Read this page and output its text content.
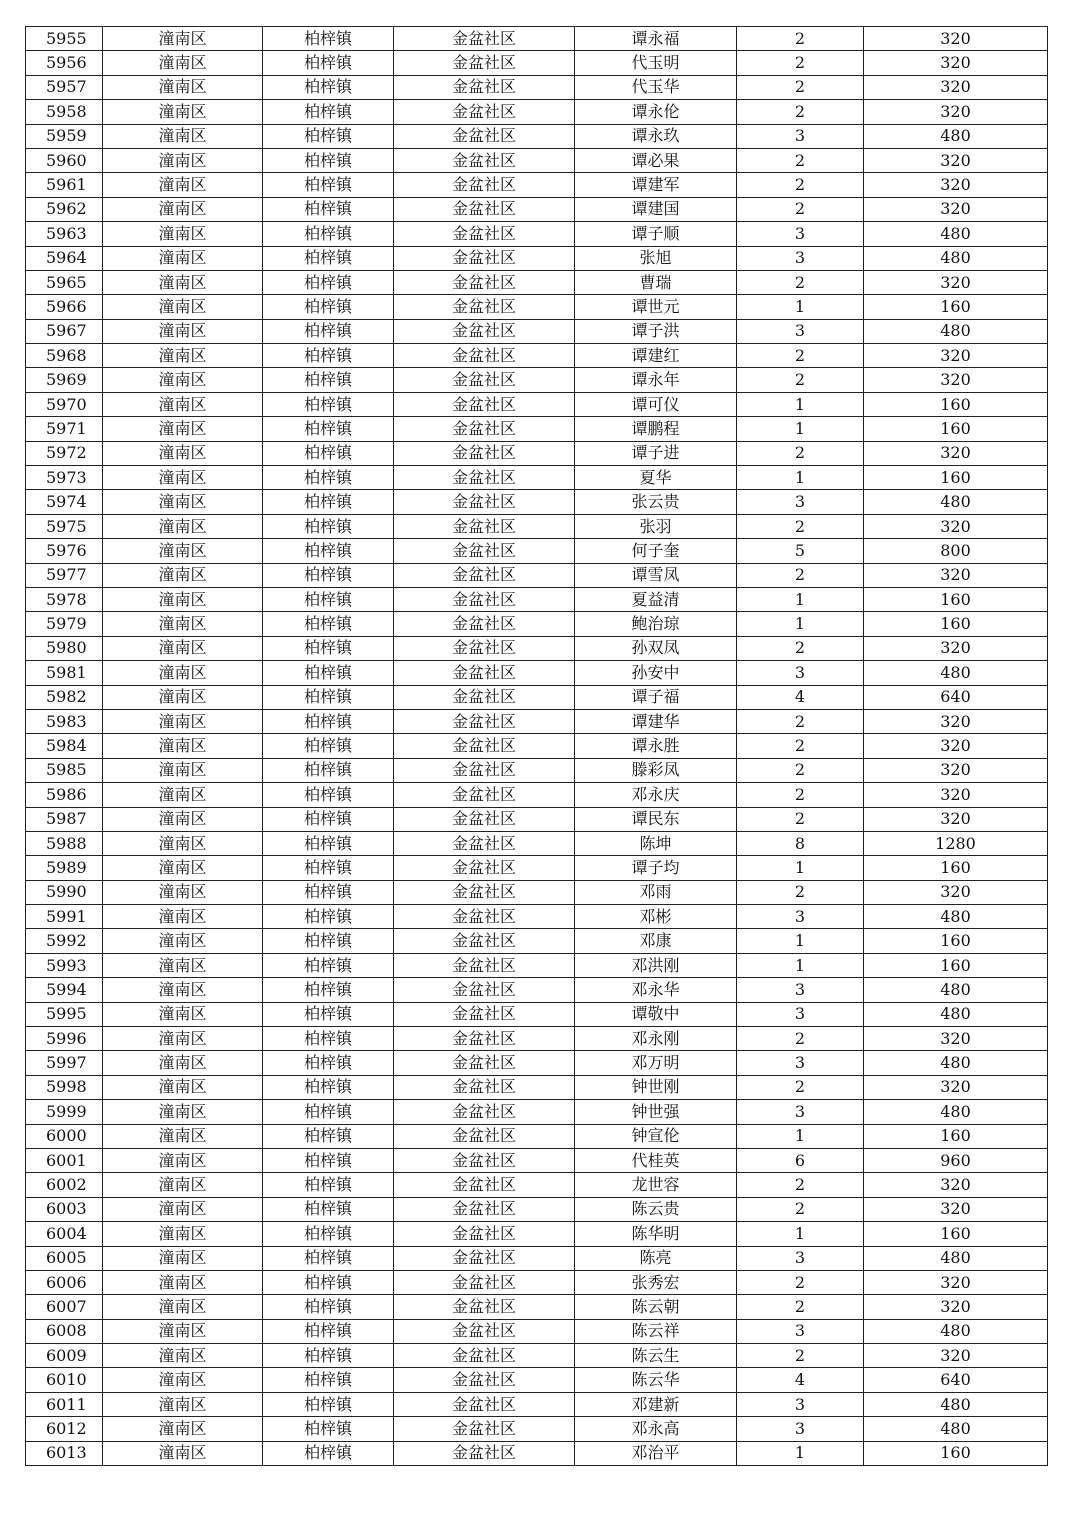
5955	潼南区	柏梓镇	金盆社区	谭永福	2	320
5956	潼南区	柏梓镇	金盆社区	代玉明	2	320
5957	潼南区	柏梓镇	金盆社区	代玉华	2	320
5958	潼南区	柏梓镇	金盆社区	谭永伦	2	320
5959	潼南区	柏梓镇	金盆社区	谭永玖	3	480
5960	潼南区	柏梓镇	金盆社区	谭必果	2	320
5961	潼南区	柏梓镇	金盆社区	谭建军	2	320
5962	潼南区	柏梓镇	金盆社区	谭建国	2	320
5963	潼南区	柏梓镇	金盆社区	谭子顺	3	480
5964	潼南区	柏梓镇	金盆社区	张旭	3	480
5965	潼南区	柏梓镇	金盆社区	曹瑞	2	320
5966	潼南区	柏梓镇	金盆社区	谭世元	1	160
5967	潼南区	柏梓镇	金盆社区	谭子洪	3	480
5968	潼南区	柏梓镇	金盆社区	谭建红	2	320
5969	潼南区	柏梓镇	金盆社区	谭永年	2	320
5970	潼南区	柏梓镇	金盆社区	谭可仪	1	160
5971	潼南区	柏梓镇	金盆社区	谭鹏程	1	160
5972	潼南区	柏梓镇	金盆社区	谭子进	2	320
5973	潼南区	柏梓镇	金盆社区	夏华	1	160
5974	潼南区	柏梓镇	金盆社区	张云贵	3	480
5975	潼南区	柏梓镇	金盆社区	张羽	2	320
5976	潼南区	柏梓镇	金盆社区	何子奎	5	800
5977	潼南区	柏梓镇	金盆社区	谭雪凤	2	320
5978	潼南区	柏梓镇	金盆社区	夏益清	1	160
5979	潼南区	柏梓镇	金盆社区	鲍治琼	1	160
5980	潼南区	柏梓镇	金盆社区	孙双凤	2	320
5981	潼南区	柏梓镇	金盆社区	孙安中	3	480
5982	潼南区	柏梓镇	金盆社区	谭子福	4	640
5983	潼南区	柏梓镇	金盆社区	谭建华	2	320
5984	潼南区	柏梓镇	金盆社区	谭永胜	2	320
5985	潼南区	柏梓镇	金盆社区	滕彩凤	2	320
5986	潼南区	柏梓镇	金盆社区	邓永庆	2	320
5987	潼南区	柏梓镇	金盆社区	谭民东	2	320
5988	潼南区	柏梓镇	金盆社区	陈坤	8	1280
5989	潼南区	柏梓镇	金盆社区	谭子均	1	160
5990	潼南区	柏梓镇	金盆社区	邓雨	2	320
5991	潼南区	柏梓镇	金盆社区	邓彬	3	480
5992	潼南区	柏梓镇	金盆社区	邓康	1	160
5993	潼南区	柏梓镇	金盆社区	邓洪刚	1	160
5994	潼南区	柏梓镇	金盆社区	邓永华	3	480
5995	潼南区	柏梓镇	金盆社区	谭敬中	3	480
5996	潼南区	柏梓镇	金盆社区	邓永刚	2	320
5997	潼南区	柏梓镇	金盆社区	邓万明	3	480
5998	潼南区	柏梓镇	金盆社区	钟世刚	2	320
5999	潼南区	柏梓镇	金盆社区	钟世强	3	480
6000	潼南区	柏梓镇	金盆社区	钟宣伦	1	160
6001	潼南区	柏梓镇	金盆社区	代桂英	6	960
6002	潼南区	柏梓镇	金盆社区	龙世容	2	320
6003	潼南区	柏梓镇	金盆社区	陈云贵	2	320
6004	潼南区	柏梓镇	金盆社区	陈华明	1	160
6005	潼南区	柏梓镇	金盆社区	陈亮	3	480
6006	潼南区	柏梓镇	金盆社区	张秀宏	2	320
6007	潼南区	柏梓镇	金盆社区	陈云朝	2	320
6008	潼南区	柏梓镇	金盆社区	陈云祥	3	480
6009	潼南区	柏梓镇	金盆社区	陈云生	2	320
6010	潼南区	柏梓镇	金盆社区	陈云华	4	640
6011	潼南区	柏梓镇	金盆社区	邓建新	3	480
6012	潼南区	柏梓镇	金盆社区	邓永高	3	480
6013	潼南区	柏梓镇	金盆社区	邓治平	1	160
